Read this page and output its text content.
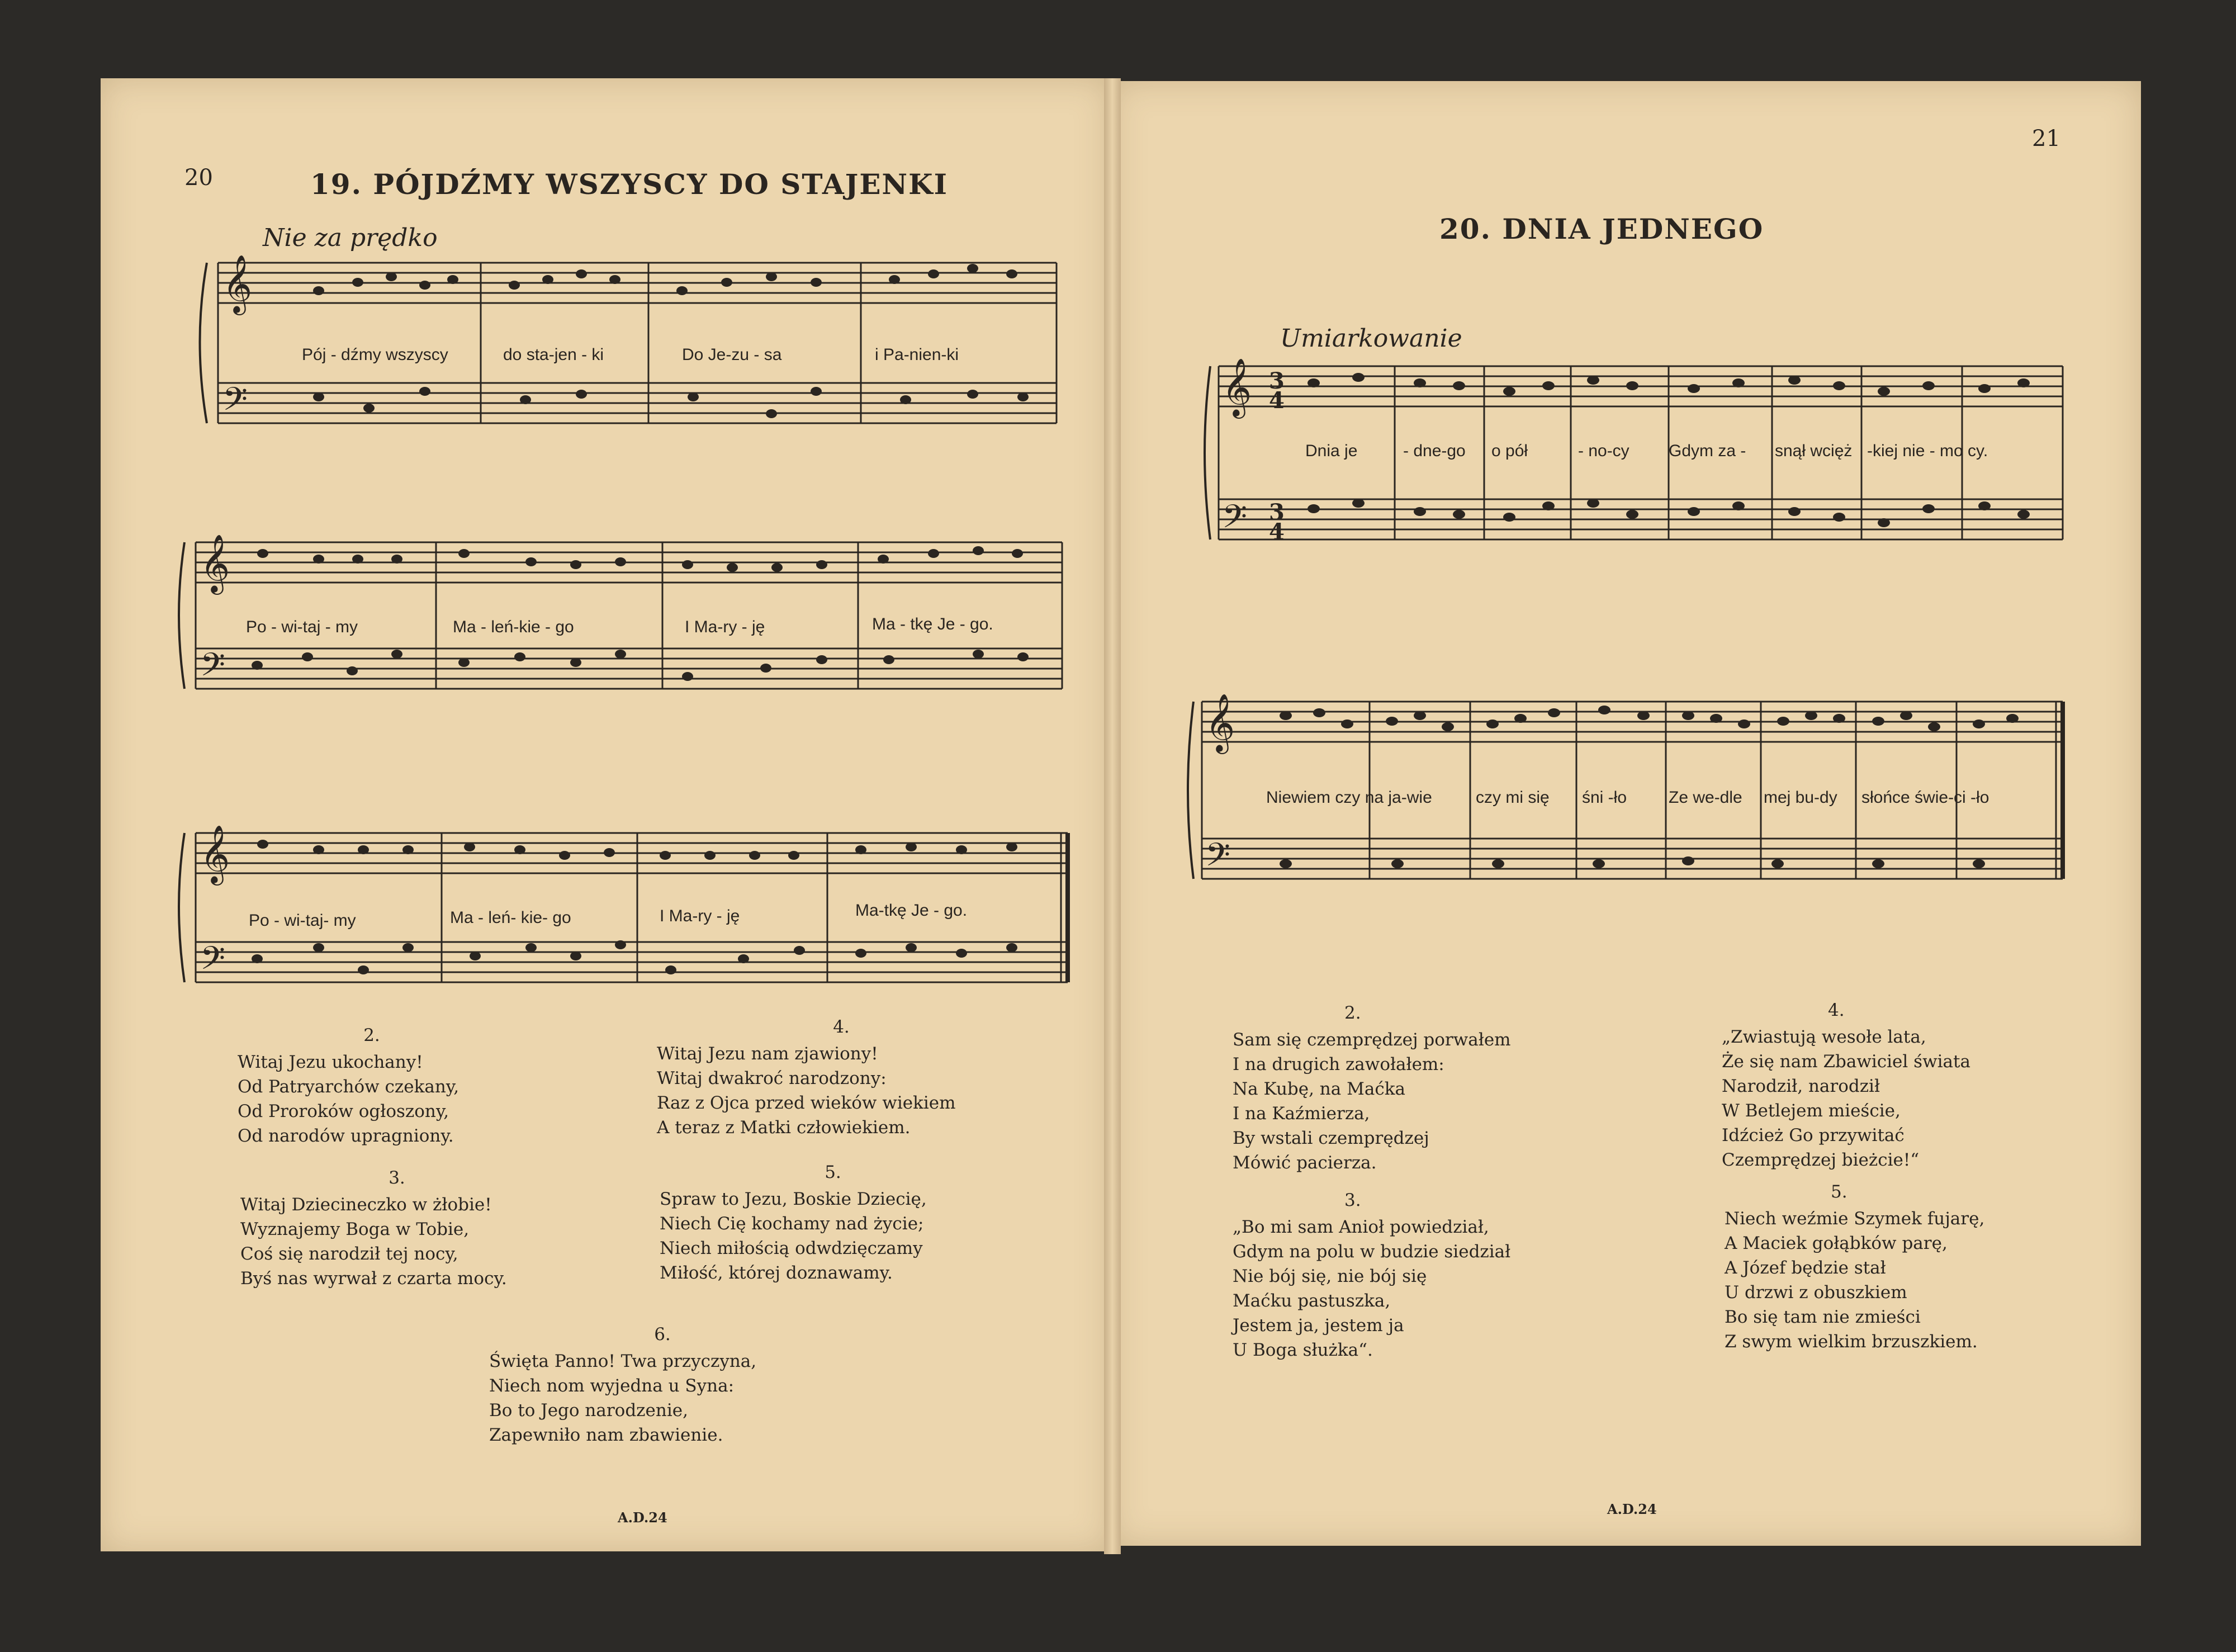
20	19. PÓJDŹMY WSZYSCY DO STAJENKI
Nie za prędko
𝄞
𝄢
Pój - dźmy wszyscy	do sta-jen - ki	Do Je-zu - sa	i Pa-nien-ki
𝄞
𝄢
Po - wi-taj - my	Ma - leń-kie - go	I Ma-ry - ję	Ma - tkę Je - go.
𝄞
𝄢
Po - wi-taj- my	Ma - leń- kie- go	I Ma-ry - ję	Ma-tkę Je - go.
2.
Witaj Jezu ukochany!
Od Patryarchów czekany,
Od Proroków ogłoszony,
Od narodów upragniony.
4.
Witaj Jezu nam zjawiony!
Witaj dwakroć narodzony:
Raz z Ojca przed wieków wiekiem
A teraz z Matki człowiekiem.
3.
Witaj Dziecineczko w żłobie!
Wyznajemy Boga w Tobie,
Coś się narodził tej nocy,
Byś nas wyrwał z czarta mocy.
5.
Spraw to Jezu, Boskie Dziecię,
Niech Cię kochamy nad życie;
Niech miłością odwdzięczamy
Miłość, której doznawamy.
6.
Święta Panno! Twa przyczyna,
Niech nom wyjedna u Syna:
Bo to Jego narodzenie,
Zapewniło nam zbawienie.
A.D.24
21
20. DNIA JEDNEGO
Umiarkowanie
𝄞
𝄢
3
4
3
4
Dnia je	- dne-go o pół	- no-cy Gdym za - snął wcięż -kiej nie - mo cy.
𝄞
𝄢
Niewiem czy na ja-wie	czy mi się śni -ło Ze we-dle mej bu-dy słońce świe-ci -ło
2.
Sam się czemprędzej porwałem
I na drugich zawołałem:
Na Kubę, na Maćka
I na Kaźmierza,
By wstali czemprędzej
Mówić pacierza.
4.
„Zwiastują wesołe lata,
Że się nam Zbawiciel świata
Narodził, narodził
W Betlejem mieście,
Idźcież Go przywitać
Czemprędzej bieżcie!“
3.
„Bo mi sam Anioł powiedział,
Gdym na polu w budzie siedział
Nie bój się, nie bój się
Maćku pastuszka,
Jestem ja, jestem ja
U Boga służka“.
5.
Niech weźmie Szymek fujarę,
A Maciek gołąbków parę,
A Józef będzie stał
U drzwi z obuszkiem
Bo się tam nie zmieści
Z swym wielkim brzuszkiem.
A.D.24
